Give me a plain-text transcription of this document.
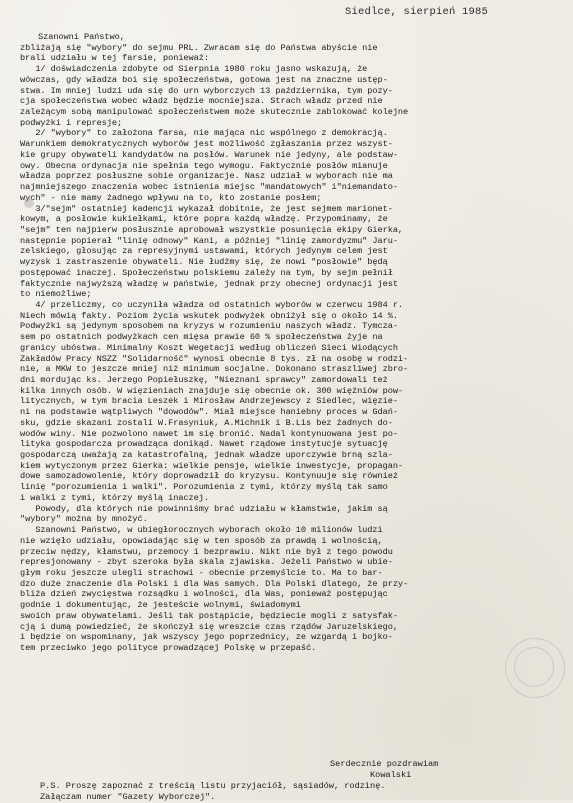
Siedlce, sierpień 1985
Szanowni Państwo,
zbliżają się "wybory" do sejmu PRL. Zwracam się do Państwa abyście nie
brali udziału w tej farsie, ponieważ:
1/ doświadczenia zdobyte od Sierpnia 1980 roku jasno wskazują, że
wówczas, gdy władza boi się społeczeństwa, gotowa jest na znaczne ustęp-
stwa. Im mniej ludzi uda się do urn wyborczych 13 października, tym pozy-
cja społeczeństwa wobec władz będzie mocniejsza. Strach władz przed nie
zależącym sobą manipulować społeczeństwem może skutecznie zablokować kolejne
podwyżki i represje;
2/ "wybory" to założona farsa, nie mająca nic wspólnego z demokracją.
Warunkiem demokratycznych wyborów jest możliwość zgłaszania przez wszyst-
kie grupy obywateli kandydatów na posłów. Warunek nie jedyny, ale podstaw-
owy. Obecna ordynacja nie spełnia tego wymogu. Faktycznie posłów mianuje
władza poprzez posłuszne sobie organizacje. Nasz udział w wyborach nie ma
najmniejszego znaczenia wobec istnienia miejsc "mandatowych" i"niemandato-
wych" - nie mamy żadnego wpływu na to, kto zostanie posłem;
3/"sejm" ostatniej kadencji wykazał dobitnie, że jest sejmem marionet-
kowym, a posłowie kukiełkami, które popra każdą władzę. Przypominamy, że
"sejm" ten najpierw posłusznie aprobował wszystkie posunięcia ekipy Gierka,
następnie popierał "linię odnowy" Kani, a później "linię zamordyzmu" Jaru-
zelskiego, głosując za represyjnymi ustawami, których jedynym celem jest
wyzysk i zastraszenie obywateli. Nie łudźmy się, że nowi "posłowie" będą
postępować inaczej. Społeczeństwu polskiemu zależy na tym, by sejm pełnił
faktycznie najwyższą władzę w państwie, jednak przy obecnej ordynacji jest
to niemożliwe;
4/ przeliczmy, co uczyniła władza od ostatnich wyborów w czerwcu 1984 r.
Niech mówią fakty. Poziom życia wskutek podwyżek obniżył się o około 14 %.
Podwyżki są jedynym sposobem na kryzys w rozumieniu naszych władz. Tymcza-
sem po ostatnich podwyżkach cen mięsa prawie 60 % społeczeństwa żyje na
granicy ubóstwa. Minimalny Koszt Wegetacji według obliczeń Sieci Wiodących
Zakładów Pracy NSZZ "Solidarność" wynosi obecnie 8 tys. zł na osobę w rodzi-
nie, a MKW to jeszcze mniej niż minimum socjalne. Dokonano straszliwej zbro-
dni mordując ks. Jerzego Popiełuszkę, "Nieznani sprawcy" zamordowali też
kilka innych osób. W więzieniach znajduje się obecnie ok. 300 więźniów pow-
litycznych, w tym bracia Leszek i Mirosław Andrzejewscy z Siedlec, więzie-
ni na podstawie wątpliwych "dowodów". Miał miejsce haniebny proces w Gdań-
sku, gdzie skazani zostali W.Frasyniuk, A.Michnik i B.Lis bez żadnych do-
wodów winy. Nie pozwolono nawet im się bronić. Nadal kontynuowana jest po-
lityka gospodarcza prowadząca donikąd. Nawet rządowe instytucje sytuację
gospodarczą uważają za katastrofalną, jednak władze uporczywie brną szla-
kiem wytyczonym przez Gierka: wielkie pensje, wielkie inwestycje, propagan-
dowe samozadowolenie, który doprowadził do kryzysu. Kontynuuje się również
linię "porozumienia i walki". Porozumienia z tymi, którzy myślą tak samo
i walki z tymi, którzy myślą inaczej.
Powody, dla których nie powinniśmy brać udziału w kłamstwie, jakim są
"wybory" można by mnożyć.
Szanowni Państwo, w ubiegłorocznych wyborach około 10 milionów ludzi
nie wzięło udziału, opowiadając się w ten sposób za prawdą i wolnością,
przeciw nędzy, kłamstwu, przemocy i bezprawiu. Nikt nie był z tego powodu
represjonowany - zbyt szeroka była skala zjawiska. Jeżeli Państwo w ubie-
głym roku jeszcze ulegli strachowi - obecnie przemyślcie to. Ma to bar-
dzo duże znaczenie dla Polski i dla Was samych. Dla Polski dlatego, że przy-
bliża dzień zwycięstwa rozsądku i wolności, dla Was, ponieważ postępując
godnie i dokumentując, że jesteście wolnymi, świadomymi
swoich praw obywatelami. Jeśli tak postąpicie, będziecie mogli z satysfak-
cją i dumą powiedzieć, że skończył się wreszcie czas rządów Jaruzelskiego,
i będzie on wspominany, jak wszyscy jego poprzednicy, ze wzgardą i bojko-
tem przeciwko jego polityce prowadzącej Polskę w przepaść.
Serdecznie pozdrawiam
Kowalski
P.S. Proszę zapoznać z treścią listu przyjaciół, sąsiadów, rodzinę.
Załączam numer "Gazety Wyborczej".
